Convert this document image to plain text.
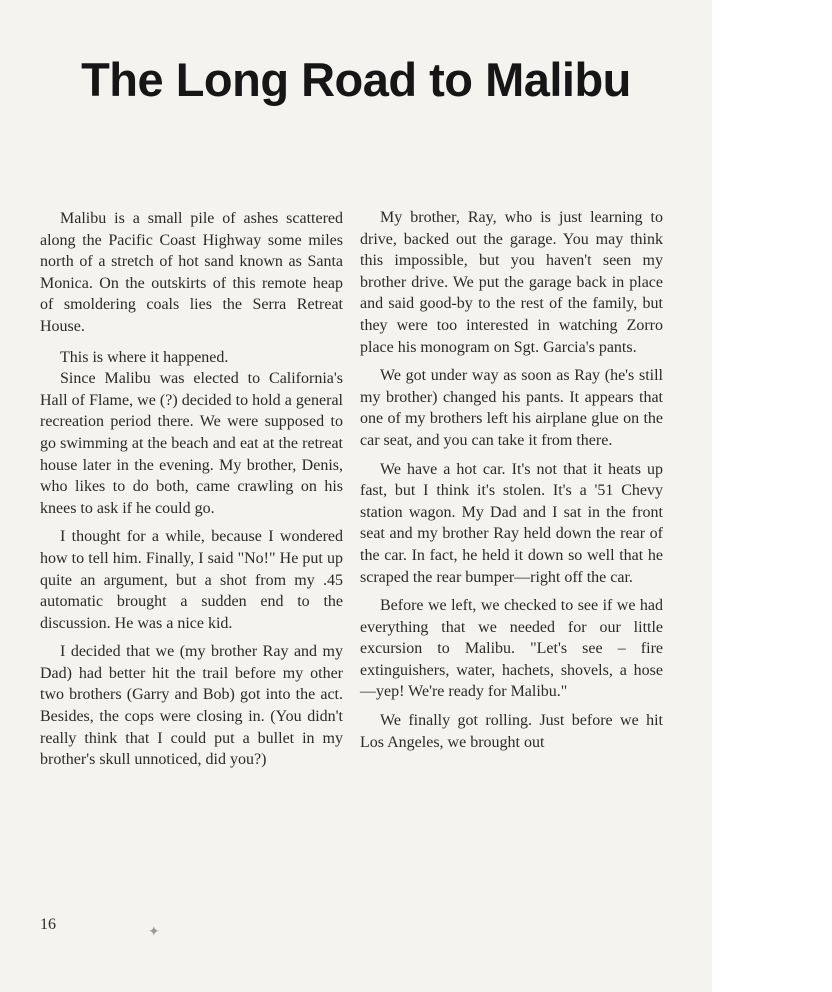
The Long Road to Malibu

Malibu is a small pile of ashes scattered along the Pacific Coast Highway some miles north of a stretch of hot sand known as Santa Monica. On the outskirts of this remote heap of smoldering coals lies the Serra Retreat House.

This is where it happened.

Since Malibu was elected to California's Hall of Flame, we (?) decided to hold a general recreation period there. We were supposed to go swimming at the beach and eat at the retreat house later in the evening. My brother, Denis, who likes to do both, came crawling on his knees to ask if he could go.

I thought for a while, because I wondered how to tell him. Finally, I said "No!" He put up quite an argument, but a shot from my .45 automatic brought a sudden end to the discussion. He was a nice kid.

I decided that we (my brother Ray and my Dad) had better hit the trail before my other two brothers (Garry and Bob) got into the act. Besides, the cops were closing in. (You didn't really think that I could put a bullet in my brother's skull unnoticed, did you?)

My brother, Ray, who is just learning to drive, backed out the garage. You may think this impossible, but you haven't seen my brother drive. We put the garage back in place and said good-by to the rest of the family, but they were too interested in watching Zorro place his monogram on Sgt. Garcia's pants.

We got under way as soon as Ray (he's still my brother) changed his pants. It appears that one of my brothers left his airplane glue on the car seat, and you can take it from there.

We have a hot car. It's not that it heats up fast, but I think it's stolen. It's a '51 Chevy station wagon. My Dad and I sat in the front seat and my brother Ray held down the rear of the car. In fact, he held it down so well that he scraped the rear bumper—right off the car.

Before we left, we checked to see if we had everything that we needed for our little excursion to Malibu. "Let's see – fire extinguishers, water, hachets, shovels, a hose—yep! We're ready for Malibu."

We finally got rolling. Just before we hit Los Angeles, we brought out

16	✦
